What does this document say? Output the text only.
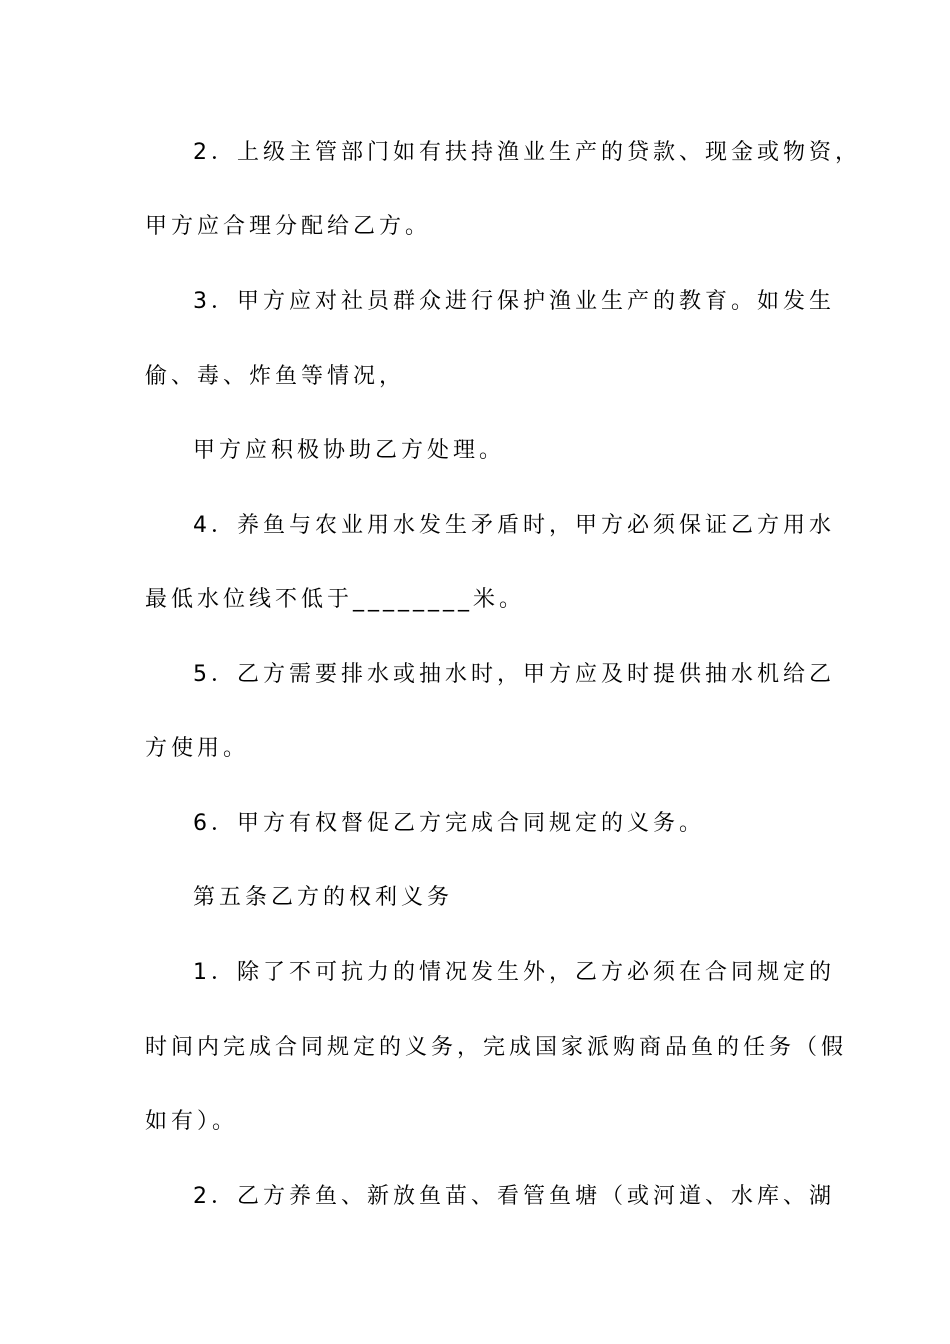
2．上级主管部门如有扶持渔业生产的贷款、现金或物资，
甲方应合理分配给乙方。
3．甲方应对社员群众进行保护渔业生产的教育。如发生
偷、毒、炸鱼等情况，
甲方应积极协助乙方处理。
4．养鱼与农业用水发生矛盾时，甲方必须保证乙方用水
最低水位线不低于________米。
5．乙方需要排水或抽水时，甲方应及时提供抽水机给乙
方使用。
6．甲方有权督促乙方完成合同规定的义务。
第五条乙方的权利义务
1．除了不可抗力的情况发生外，乙方必须在合同规定的
时间内完成合同规定的义务，完成国家派购商品鱼的任务（假
如有）。
2．乙方养鱼、新放鱼苗、看管鱼塘（或河道、水库、湖
